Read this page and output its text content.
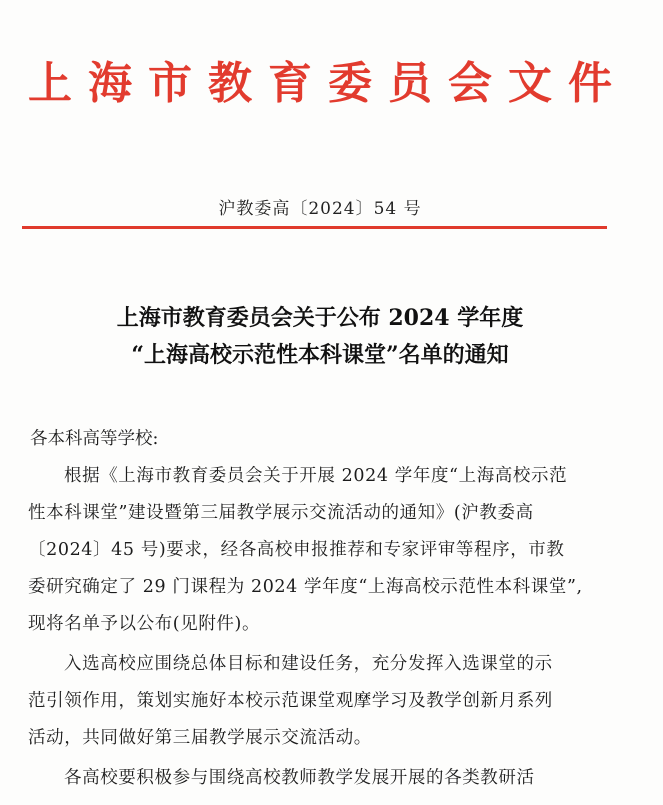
上海市教育委员会文件
沪教委高〔2024〕54 号
上海市教育委员会关于公布 2024 学年度
“上海高校示范性本科课堂”名单的通知
各本科高等学校:
根据《上海市教育委员会关于开展 2024 学年度“上海高校示范
性本科课堂”建设暨第三届教学展示交流活动的通知》(沪教委高
〔2024〕45 号)要求，经各高校申报推荐和专家评审等程序，市教
委研究确定了 29 门课程为 2024 学年度“上海高校示范性本科课堂”,
现将名单予以公布(见附件)。
入选高校应围绕总体目标和建设任务，充分发挥入选课堂的示
范引领作用，策划实施好本校示范课堂观摩学习及教学创新月系列
活动，共同做好第三届教学展示交流活动。
各高校要积极参与围绕高校教师教学发展开展的各类教研活
